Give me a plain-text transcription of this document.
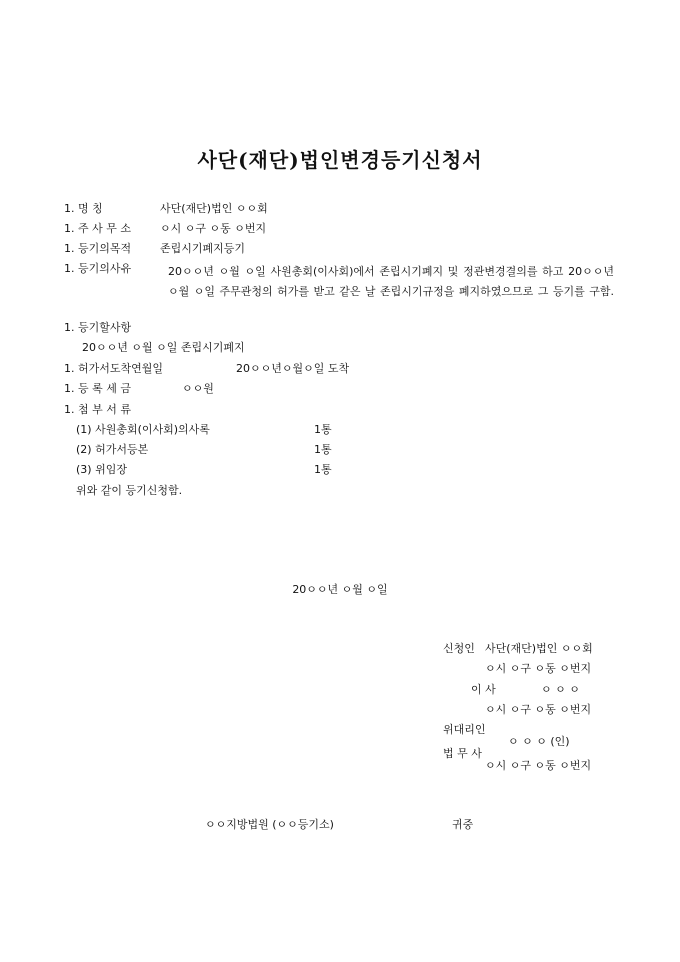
사단(재단)법인변경등기신청서
1. 명 칭	사단(재단)법인 ㅇㅇ회
1. 주 사 무 소	ㅇ시 ㅇ구 ㅇ동 ㅇ번지
1. 등기의목적	존립시기폐지등기
1. 등기의사유	20ㅇㅇ년 ㅇ월 ㅇ일 사원총회(이사회)에서 존립시기폐지 및 정관변경결의를 하고 20ㅇㅇ년 ㅇ월 ㅇ일 주무관청의 허가를 받고 같은 날 존립시기규정을 폐지하였으므로 그 등기를 구함.
1. 등기할사항
20ㅇㅇ년 ㅇ월 ㅇ일 존립시기폐지
1. 허가서도착연월일	20ㅇㅇ년ㅇ월ㅇ일 도착
1. 등 록 세 금	ㅇㅇ원
1. 첨 부 서 류
(1) 사원총회(이사회)의사록	1통
(2) 허가서등본	1통
(3) 위임장	1통
위와 같이 등기신청함.
20ㅇㅇ년 ㅇ월 ㅇ일
신청인 사단(재단)법인 ㅇㅇ회
ㅇ시 ㅇ구 ㅇ동 ㅇ번지
이 사	ㅇ ㅇ ㅇ
ㅇ시 ㅇ구 ㅇ동 ㅇ번지
위대리인
ㅇ ㅇ ㅇ (인)
법 무 사
ㅇ시 ㅇ구 ㅇ동 ㅇ번지
ㅇㅇ지방법원 (ㅇㅇ등기소)	귀중
